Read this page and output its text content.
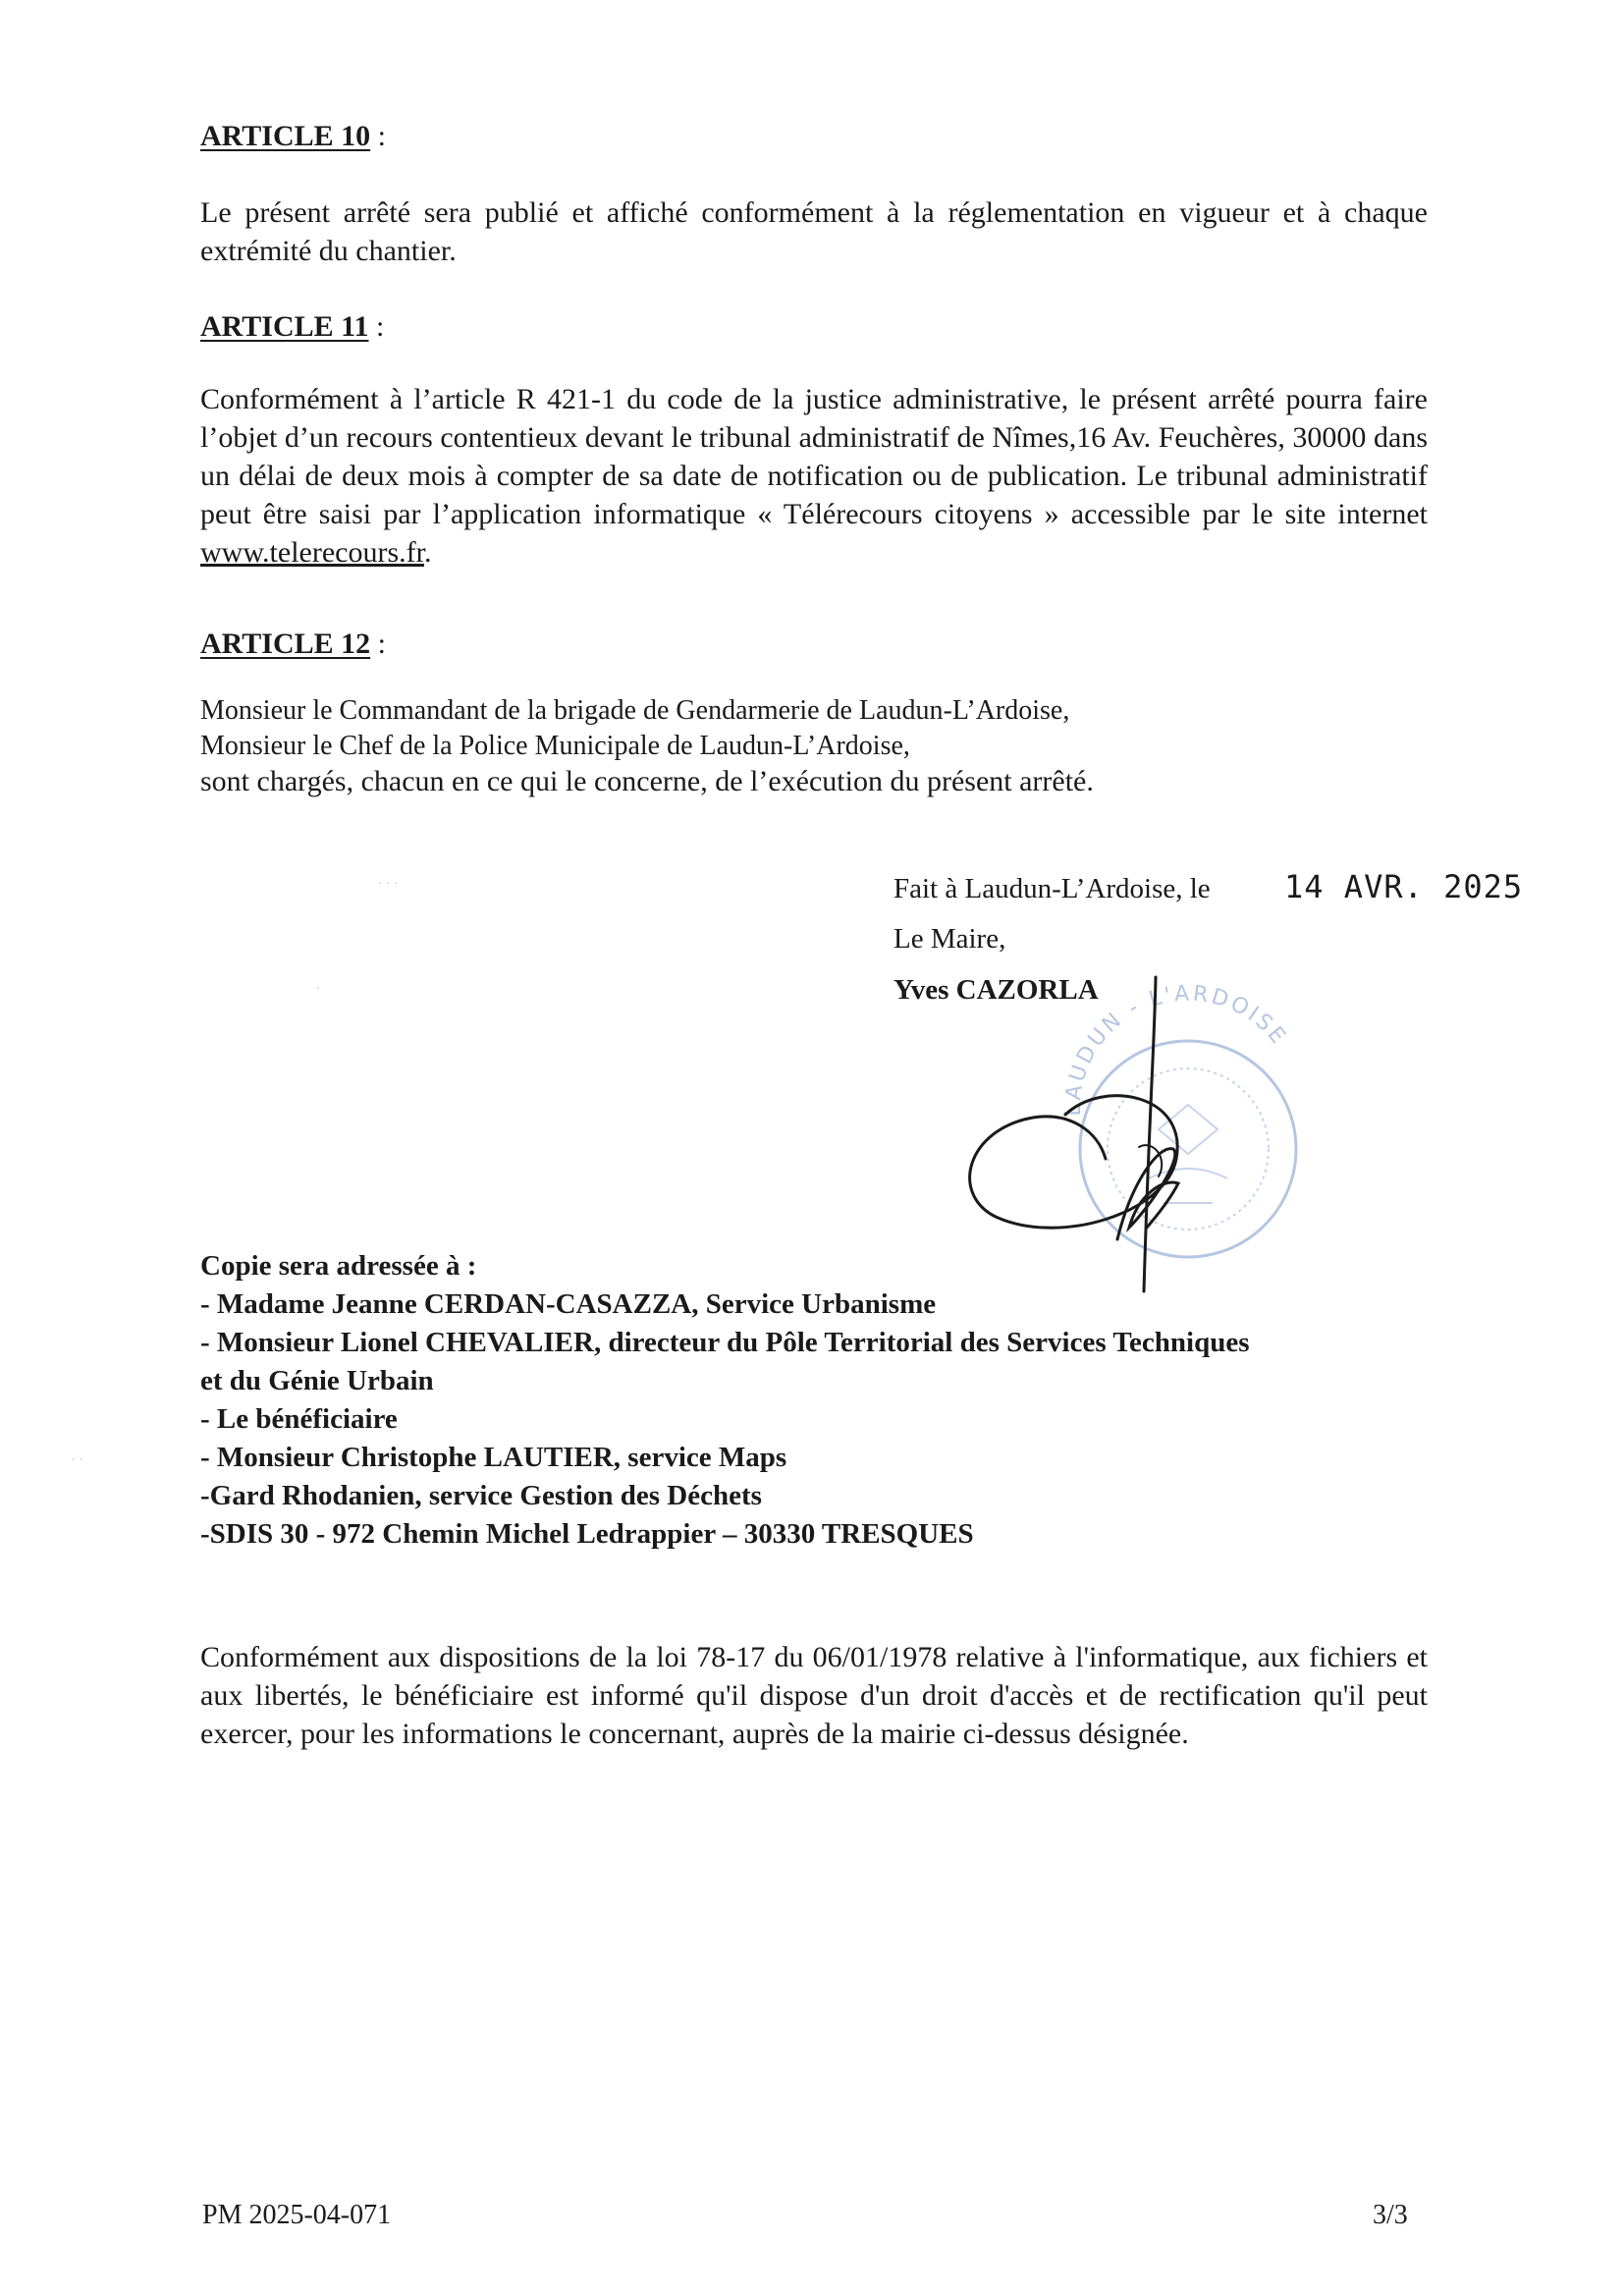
ARTICLE 10 :
Le présent arrêté sera publié et affiché conformément à la réglementation en vigueur et à chaque extrémité du chantier.
ARTICLE 11 :
Conformément à l’article R 421-1 du code de la justice administrative, le présent arrêté pourra faire l’objet d’un recours contentieux devant le tribunal administratif de Nîmes,16 Av. Feuchères, 30000 dans un délai de deux mois à compter de sa date de notification ou de publication. Le tribunal administratif peut être saisi par l’application informatique « Télérecours citoyens » accessible par le site internet www.telerecours.fr.
ARTICLE 12 :
Monsieur le Commandant de la brigade de Gendarmerie de Laudun-L’Ardoise,
Monsieur le Chef de la Police Municipale de Laudun-L’Ardoise,
sont chargés, chacun en ce qui le concerne, de l’exécution du présent arrêté.
Fait à Laudun-L’Ardoise, le 14 AVR. 2025
Le Maire,
Yves CAZORLA
LAUDUN - L'ARDOISE
Copie sera adressée à :
- Madame Jeanne CERDAN-CASAZZA, Service Urbanisme
- Monsieur Lionel CHEVALIER, directeur du Pôle Territorial des Services Techniques
et du Génie Urbain
- Le bénéficiaire
- Monsieur Christophe LAUTIER, service Maps
-Gard Rhodanien, service Gestion des Déchets
-SDIS 30 - 972 Chemin Michel Ledrappier – 30330 TRESQUES
Conformément aux dispositions de la loi 78-17 du 06/01/1978 relative à l'informatique, aux fichiers et aux libertés, le bénéficiaire est informé qu'il dispose d'un droit d'accès et de rectification qu'il peut exercer, pour les informations le concernant, auprès de la mairie ci-dessus désignée.
· · ·
·
· ·
PM 2025-04-071	3/3
